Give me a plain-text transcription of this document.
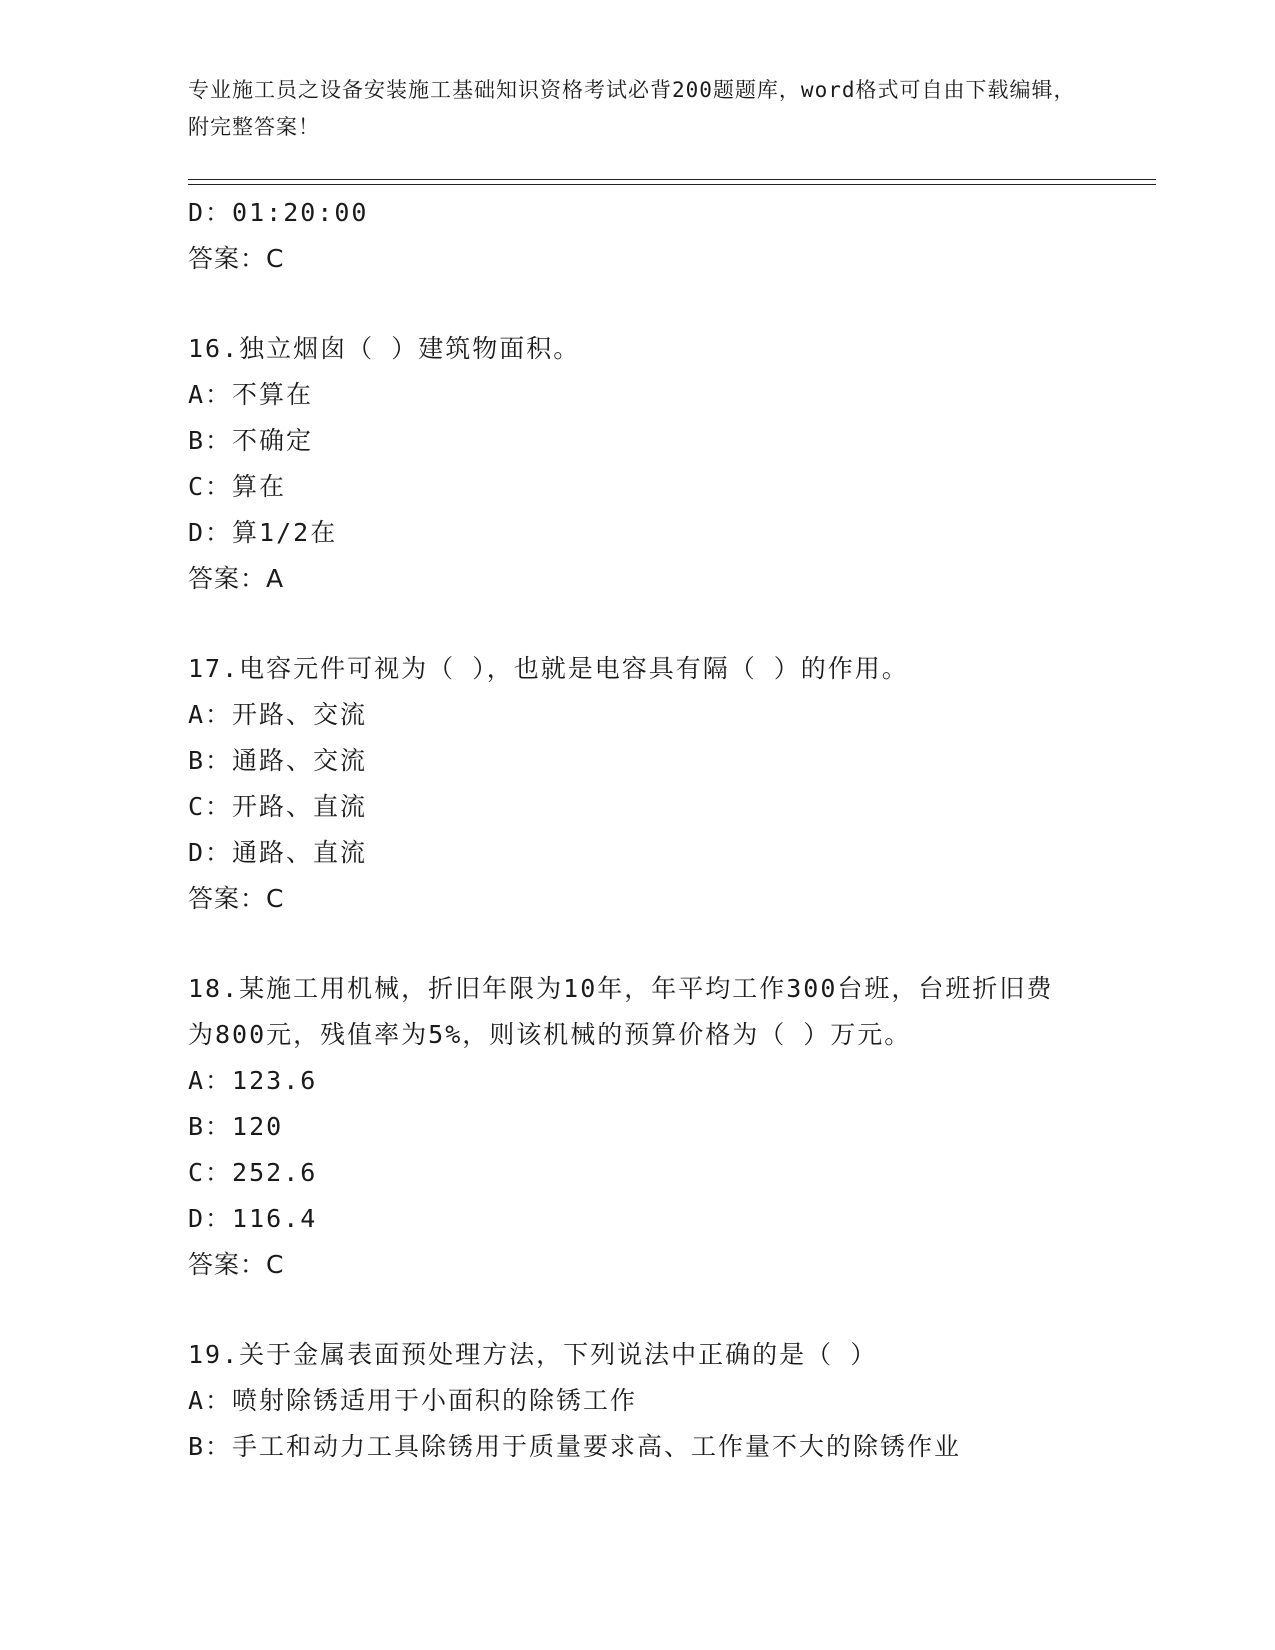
专业施工员之设备安装施工基础知识资格考试必背200题题库，word格式可自由下载编辑，附完整答案！
D：01:20:00
答案：C
16.独立烟囱（ ）建筑物面积。
A：不算在
B：不确定
C：算在
D：算1/2在
答案：A
17.电容元件可视为（ ），也就是电容具有隔（ ）的作用。
A：开路、交流
B：通路、交流
C：开路、直流
D：通路、直流
答案：C
18.某施工用机械，折旧年限为10年，年平均工作300台班，台班折旧费为800元，残值率为5%，则该机械的预算价格为（ ）万元。
A：123.6
B：120
C：252.6
D：116.4
答案：C
19.关于金属表面预处理方法，下列说法中正确的是（ ）
A：喷射除锈适用于小面积的除锈工作
B：手工和动力工具除锈用于质量要求高、工作量不大的除锈作业
